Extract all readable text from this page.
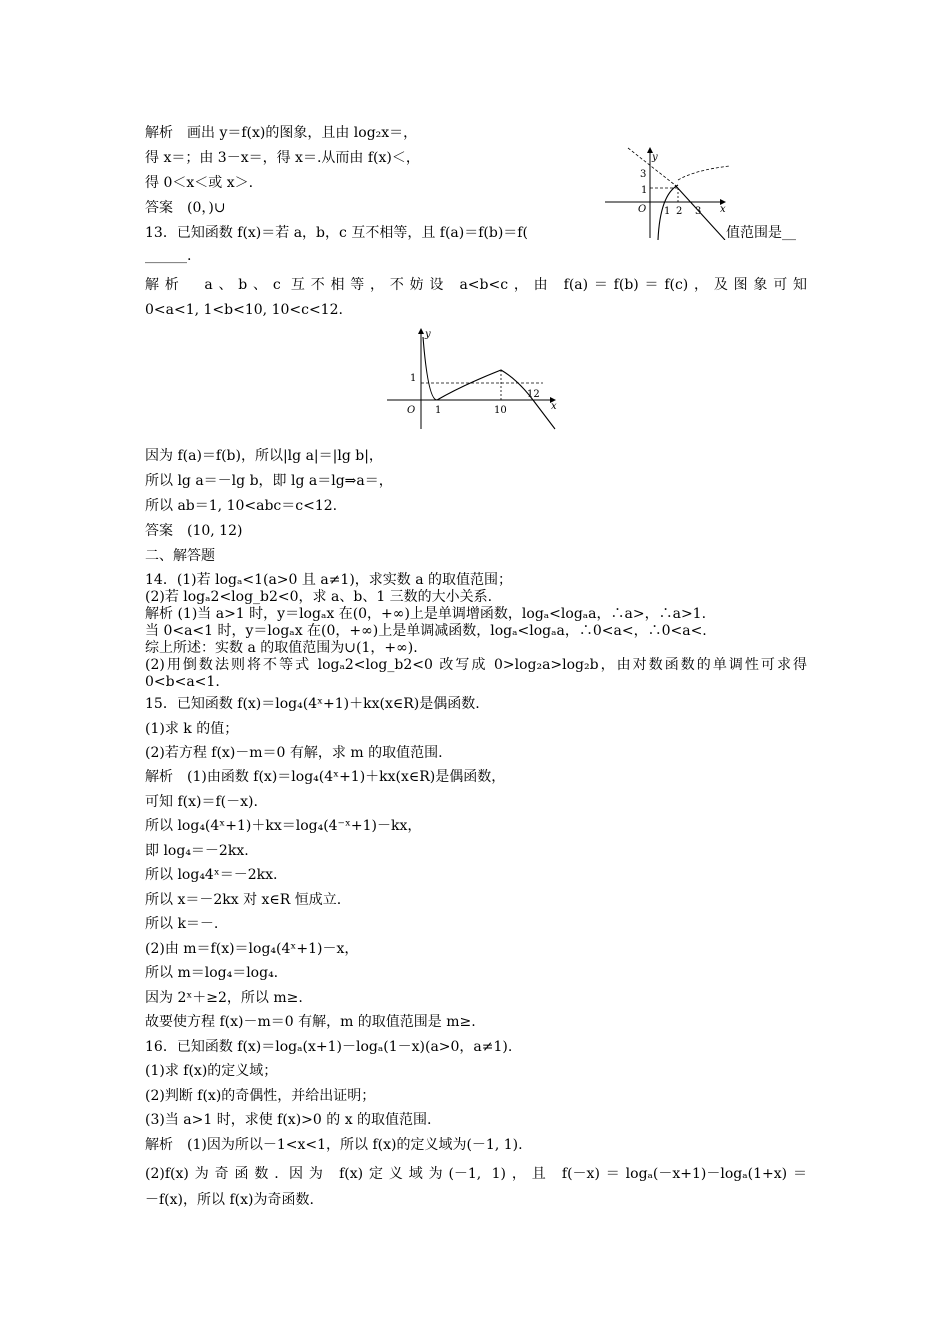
解析　画出 y＝f(x)的图象，且由 log₂x＝，
得 x＝；由 3－x＝，得 x＝.从而由 f(x)＜，
得 0＜x＜或 x＞.
答案　(0，)∪
13．已知函数 f(x)＝若 a，b，c 互不相等，且 f(a)＝f(b)＝f(	值范围是__
______.
y
x
O
3
1
1 2 3
解析　a、b、c 互不相等，不妨设 a<b<c，由 f(a)＝f(b)＝f(c)，及图象可知
0<a<1, 1<b<10, 10<c<12.
y
x
O
1
1	10
12
因为 f(a)＝f(b)，所以|lg a|＝|lg b|，
所以 lg a＝－lg b，即 lg a＝lg⇒a＝，
所以 ab＝1, 10<abc＝c<12.
答案　(10, 12)
二、解答题
14．(1)若 logₐ<1(a>0 且 a≠1)，求实数 a 的取值范围；
(2)若 logₐ2<log_b2<0，求 a、b、1 三数的大小关系.
解析 (1)当 a>1 时，y＝logₐx 在(0，+∞)上是单调增函数，logₐ<logₐa，∴a>，∴a>1.
当 0<a<1 时，y＝logₐx 在(0，+∞)上是单调减函数，logₐ<logₐa，∴0<a<，∴0<a<.
综上所述：实数 a 的取值范围为∪(1，+∞).
(2)用倒数法则将不等式 logₐ2<log_b2<0 改写成 0>log₂a>log₂b，由对数函数的单调性可求得
0<b<a<1.
15．已知函数 f(x)＝log₄(4ˣ+1)＋kx(x∈R)是偶函数.
(1)求 k 的值；
(2)若方程 f(x)－m＝0 有解，求 m 的取值范围.
解析　(1)由函数 f(x)＝log₄(4ˣ+1)＋kx(x∈R)是偶函数，
可知 f(x)＝f(－x).
所以 log₄(4ˣ+1)＋kx＝log₄(4⁻ˣ+1)－kx，
即 log₄＝－2kx.
所以 log₄4ˣ＝－2kx.
所以 x＝－2kx 对 x∈R 恒成立.
所以 k＝－.
(2)由 m＝f(x)＝log₄(4ˣ+1)－x，
所以 m＝log₄＝log₄.
因为 2ˣ＋≥2，所以 m≥.
故要使方程 f(x)－m＝0 有解，m 的取值范围是 m≥.
16．已知函数 f(x)＝logₐ(x+1)－logₐ(1－x)(a>0，a≠1).
(1)求 f(x)的定义域；
(2)判断 f(x)的奇偶性，并给出证明；
(3)当 a>1 时，求使 f(x)>0 的 x 的取值范围.
解析　(1)因为所以－1<x<1，所以 f(x)的定义域为(－1, 1).
(2)f(x)为奇函数. 因为 f(x)定义域为(－1, 1)，且 f(－x)＝logₐ(－x+1)－logₐ(1+x)＝
－f(x)，所以 f(x)为奇函数.
